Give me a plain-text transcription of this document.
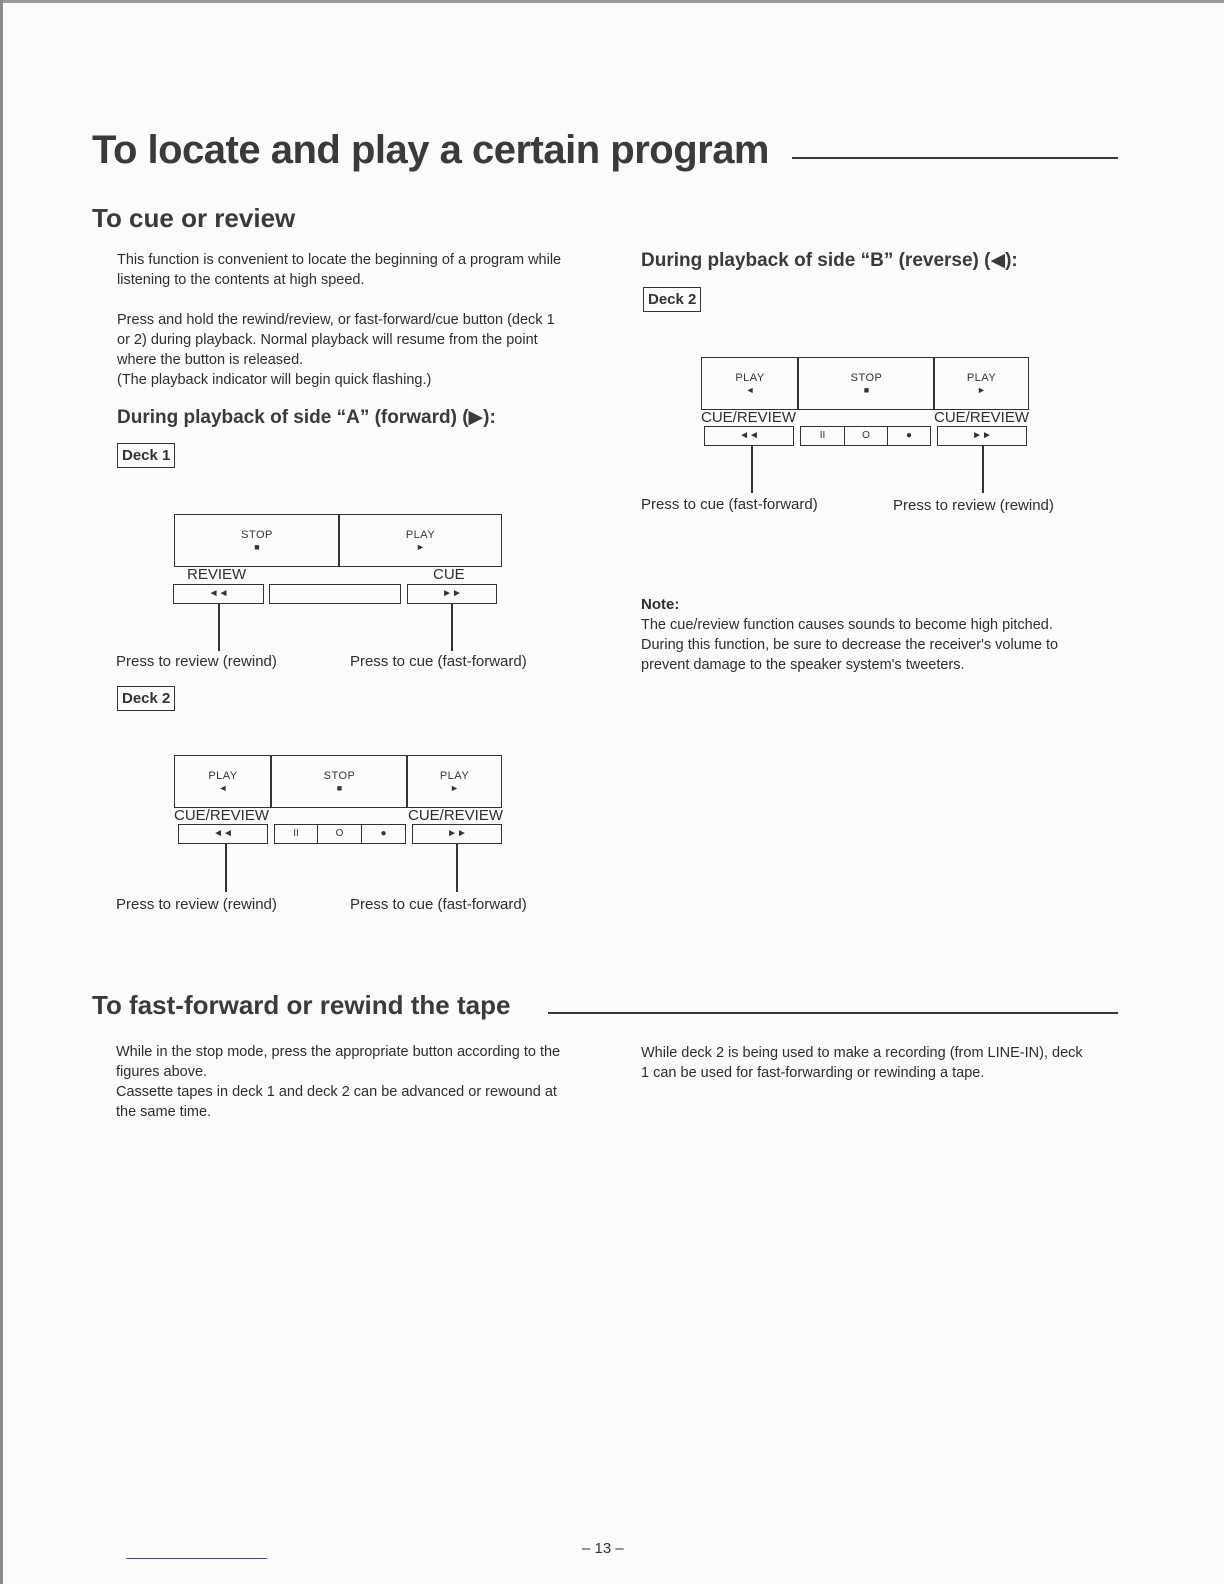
To locate and play a certain program
To cue or review
This function is convenient to locate the beginning of a program while
listening to the contents at high speed.
Press and hold the rewind/review, or fast-forward/cue button (deck 1
or 2) during playback. Normal playback will resume from the point
where the button is released.
(The playback indicator will begin quick flashing.)
During playback of side “A” (forward) (▶):
Deck 1
STOP
■
PLAY
►
REVIEW	CUE
◄◄	►►
Press to review (rewind)	Press to cue (fast-forward)
Deck 2
PLAY
◄
STOP
■
PLAY
►
CUE/REVIEW	CUE/REVIEW
◄◄	II	O	●	►►
Press to review (rewind)	Press to cue (fast-forward)
During playback of side “B” (reverse) (◀):
Deck 2
PLAY
◄
STOP
■
PLAY
►
CUE/REVIEW	CUE/REVIEW
◄◄	II	O	●	►►
Press to cue (fast-forward)	Press to review (rewind)
Note:
The cue/review function causes sounds to become high pitched.
During this function, be sure to decrease the receiver's volume to
prevent damage to the speaker system's tweeters.
To fast-forward or rewind the tape
While in the stop mode, press the appropriate button according to the
figures above.
Cassette tapes in deck 1 and deck 2 can be advanced or rewound at
the same time.
While deck 2 is being used to make a recording (from LINE-IN), deck
1 can be used for fast-forwarding or rewinding a tape.
– 13 –
